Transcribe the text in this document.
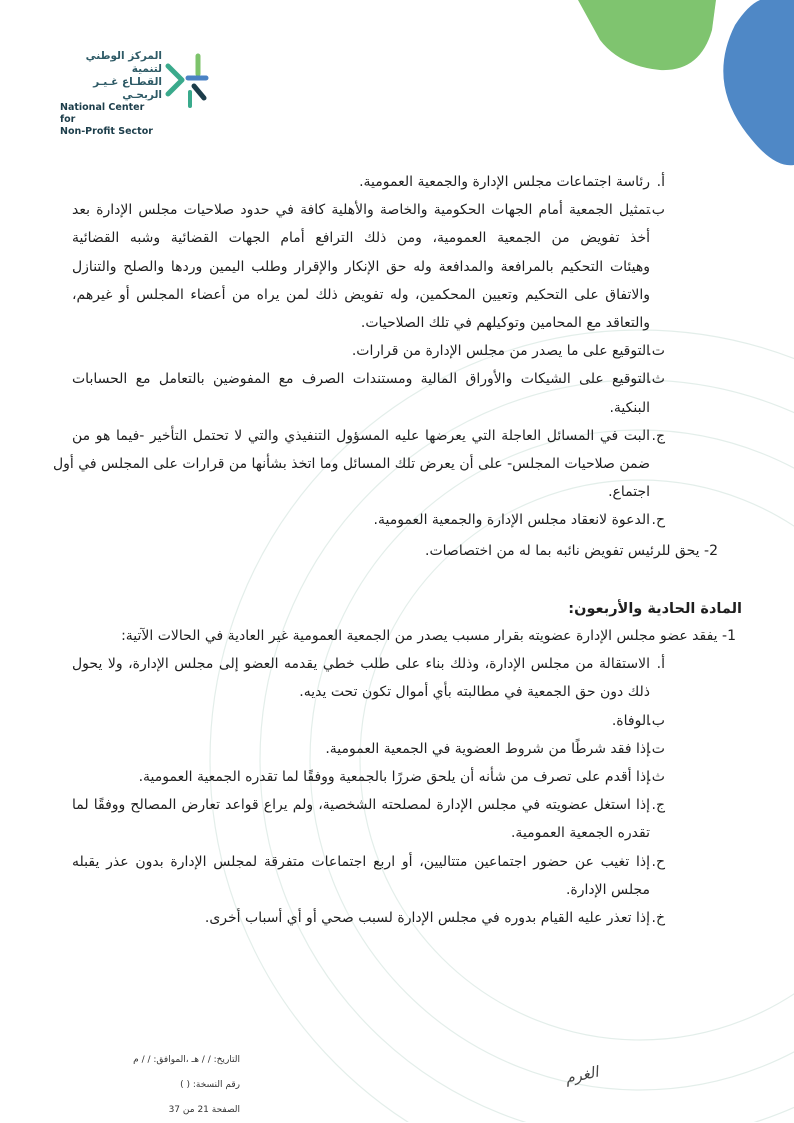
المركز الوطني لتنمية
القطـاع غـيـر الربحـي
National Center for
Non-Profit Sector
أ.
رئاسة اجتماعات مجلس الإدارة والجمعية العمومية.
ب.
تمثيل الجمعية أمام الجهات الحكومية والخاصة والأهلية كافة في حدود صلاحيات مجلس الإدارة بعد
أخذ تفويض من الجمعية العمومية، ومن ذلك الترافع أمام الجهات القضائية وشبه القضائية
وهيئات التحكيم بالمرافعة والمدافعة وله حق الإنكار والإقرار وطلب اليمين وردها والصلح والتنازل
والاتفاق على التحكيم وتعيين المحكمين، وله تفويض ذلك لمن يراه من أعضاء المجلس أو غيرهم،
والتعاقد مع المحامين وتوكيلهم في تلك الصلاحيات.
ت.
التوقيع على ما يصدر من مجلس الإدارة من قرارات.
ث.
التوقيع على الشيكات والأوراق المالية ومستندات الصرف مع المفوضين بالتعامل مع الحسابات
البنكية.
ج.
البت في المسائل العاجلة التي يعرضها عليه المسؤول التنفيذي والتي لا تحتمل التأخير -فيما هو من
ضمن صلاحيات المجلس- على أن يعرض تلك المسائل وما اتخذ بشأنها من قرارات على المجلس في أول
اجتماع.
ح.
الدعوة لانعقاد مجلس الإدارة والجمعية العمومية.
2- يحق للرئيس تفويض نائبه بما له من اختصاصات.
المادة الحادية والأربعون:
1- يفقد عضو مجلس الإدارة عضويته بقرار مسبب يصدر من الجمعية العمومية غير العادية في الحالات الآتية:
أ.
الاستقالة من مجلس الإدارة، وذلك بناء على طلب خطي يقدمه العضو إلى مجلس الإدارة، ولا يحول
ذلك دون حق الجمعية في مطالبته بأي أموال تكون تحت يديه.
ب.
الوفاة.
ت.
إذا فقد شرطًا من شروط العضوية في الجمعية العمومية.
ث.
إذا أقدم على تصرف من شأنه أن يلحق ضررًا بالجمعية ووفقًا لما تقدره الجمعية العمومية.
ج.
إذا استغل عضويته في مجلس الإدارة لمصلحته الشخصية، ولم يراع قواعد تعارض المصالح ووفقًا لما
تقدره الجمعية العمومية.
ح.
إذا تغيب عن حضور اجتماعين متتاليين، أو اربع اجتماعات متفرقة لمجلس الإدارة بدون عذر يقبله
مجلس الإدارة.
خ.
إذا تعذر عليه القيام بدوره في مجلس الإدارة لسبب صحي أو أي أسباب أخرى.
التاريخ: / / هـ ،الموافق: / / م
رقم النسخة: ( )
الصفحة 21 من 37
الغرم
